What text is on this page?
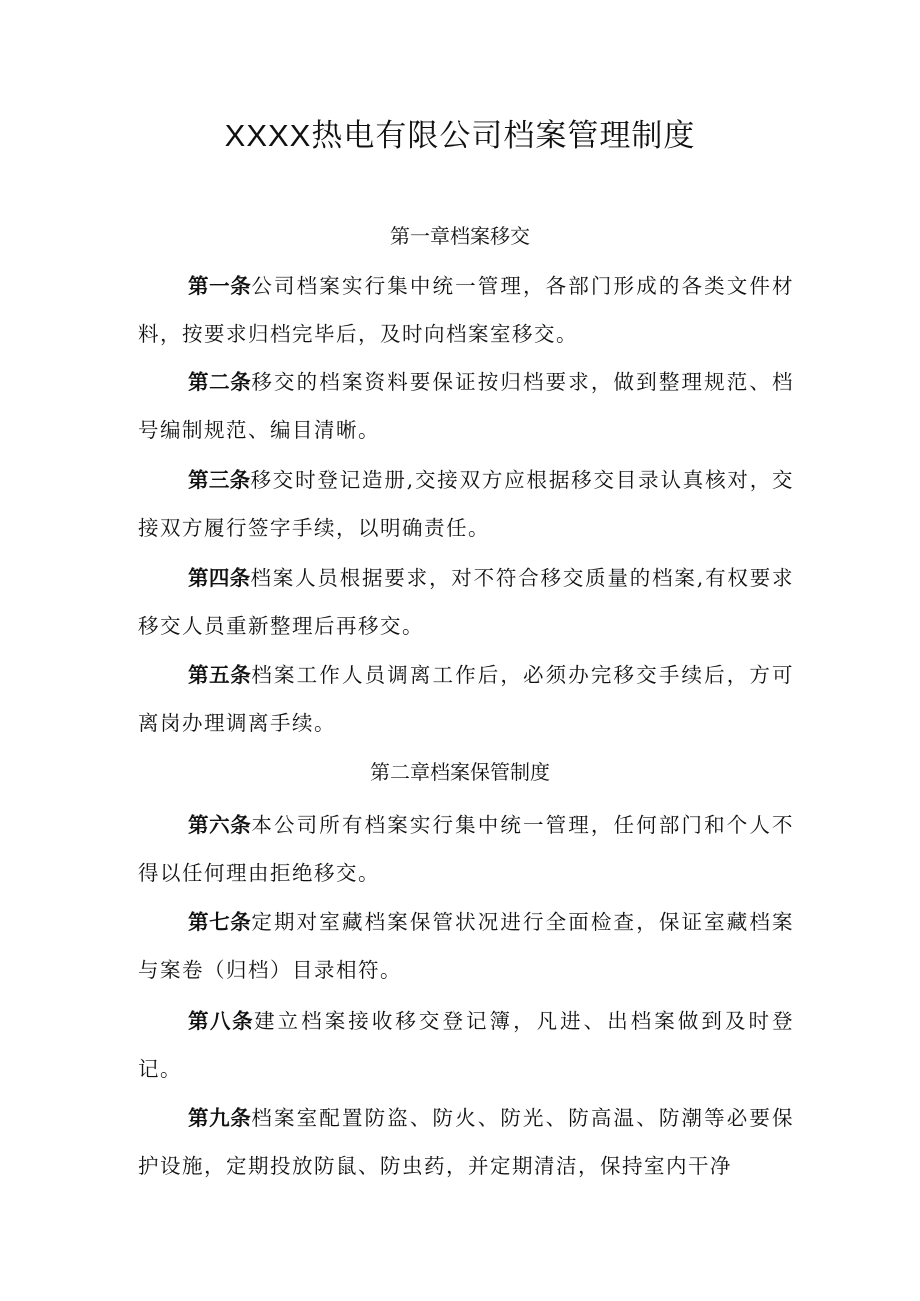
XXXX热电有限公司档案管理制度
第一章档案移交

第一条公司档案实行集中统一管理，各部门形成的各类文件材料，按要求归档完毕后，及时向档案室移交。

第二条移交的档案资料要保证按归档要求，做到整理规范、档号编制规范、编目清晰。

第三条移交时登记造册,交接双方应根据移交目录认真核对，交接双方履行签字手续，以明确责任。

第四条档案人员根据要求，对不符合移交质量的档案,有权要求移交人员重新整理后再移交。

第五条档案工作人员调离工作后，必须办完移交手续后，方可离岗办理调离手续。

第二章档案保管制度

第六条本公司所有档案实行集中统一管理，任何部门和个人不得以任何理由拒绝移交。

第七条定期对室藏档案保管状况进行全面检查，保证室藏档案与案卷（归档）目录相符。

第八条建立档案接收移交登记簿，凡进、出档案做到及时登记。

第九条档案室配置防盗、防火、防光、防高温、防潮等必要保护设施，定期投放防鼠、防虫药，并定期清洁，保持室内干净
